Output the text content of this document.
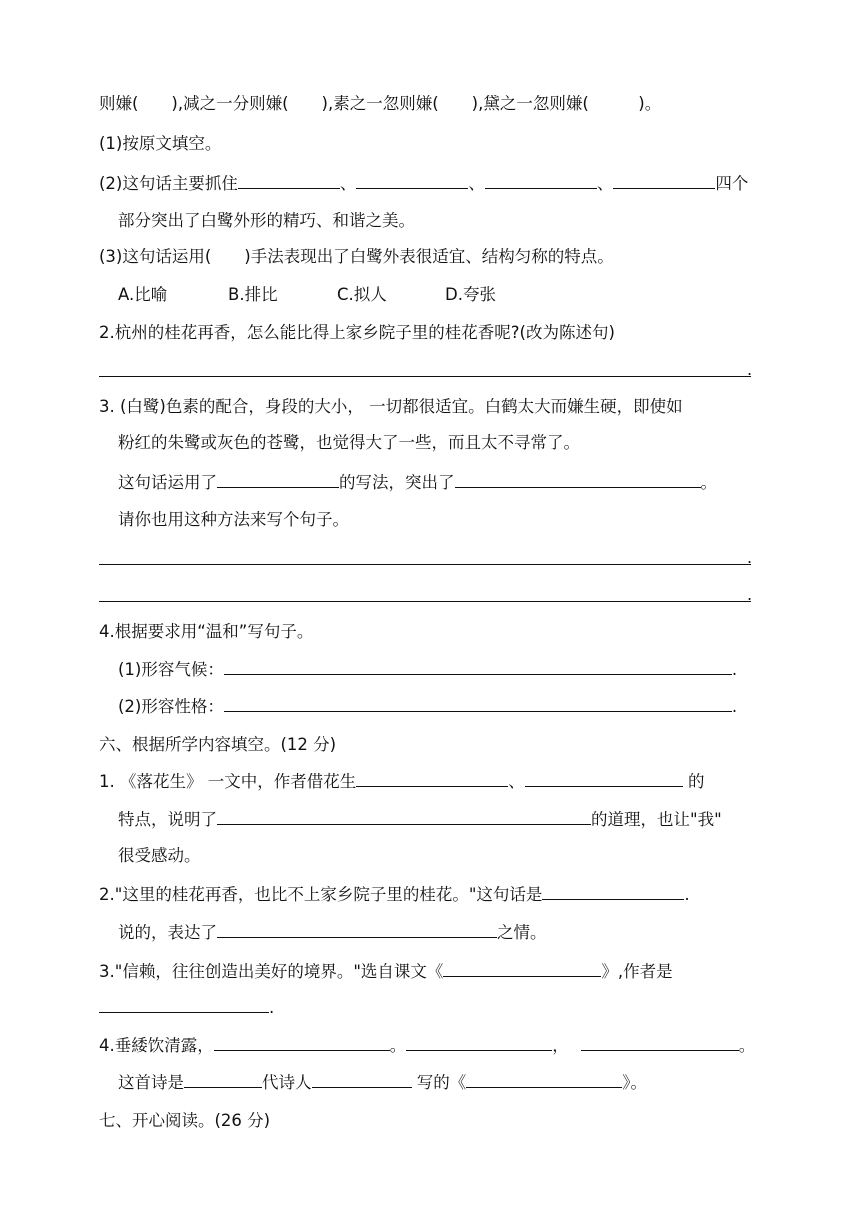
则嫌(　　),减之一分则嫌(　　),素之一忽则嫌(　　),黛之一忽则嫌(　　　)。
(1)按原文填空。
(2)这句话主要抓住	、	、	、	四个
部分突出了白鹭外形的精巧、和谐之美。
(3)这句话运用(　　)手法表现出了白鹭外表很适宜、结构匀称的特点。
A.比喻	B.排比	C.拟人	D.夸张
2.杭州的桂花再香，怎么能比得上家乡院子里的桂花香呢?(改为陈述句)
.
3. (白鹭)色素的配合，身段的大小， 一切都很适宜。白鹤太大而嫌生硬，即使如
粉红的朱鹭或灰色的苍鹭，也觉得大了一些，而且太不寻常了。
这句话运用了	的写法，突出了	。
请你也用这种方法来写个句子。
.
.
4.根据要求用“温和”写句子。
(1)形容气候：	.
(2)形容性格：	.
六、根据所学内容填空。(12 分)
1. 《落花生》 一文中，作者借花生	、	的
特点，说明了	的道理，也让"我"
很受感动。
2."这里的桂花再香，也比不上家乡院子里的桂花。"这句话是	.
说的，表达了	之情。
3."信赖，往往创造出美好的境界。"选自课文《	》,作者是
.
4.垂緌饮清露，	。	，	。
这首诗是	代诗人	写的《	》。
七、开心阅读。(26 分)
